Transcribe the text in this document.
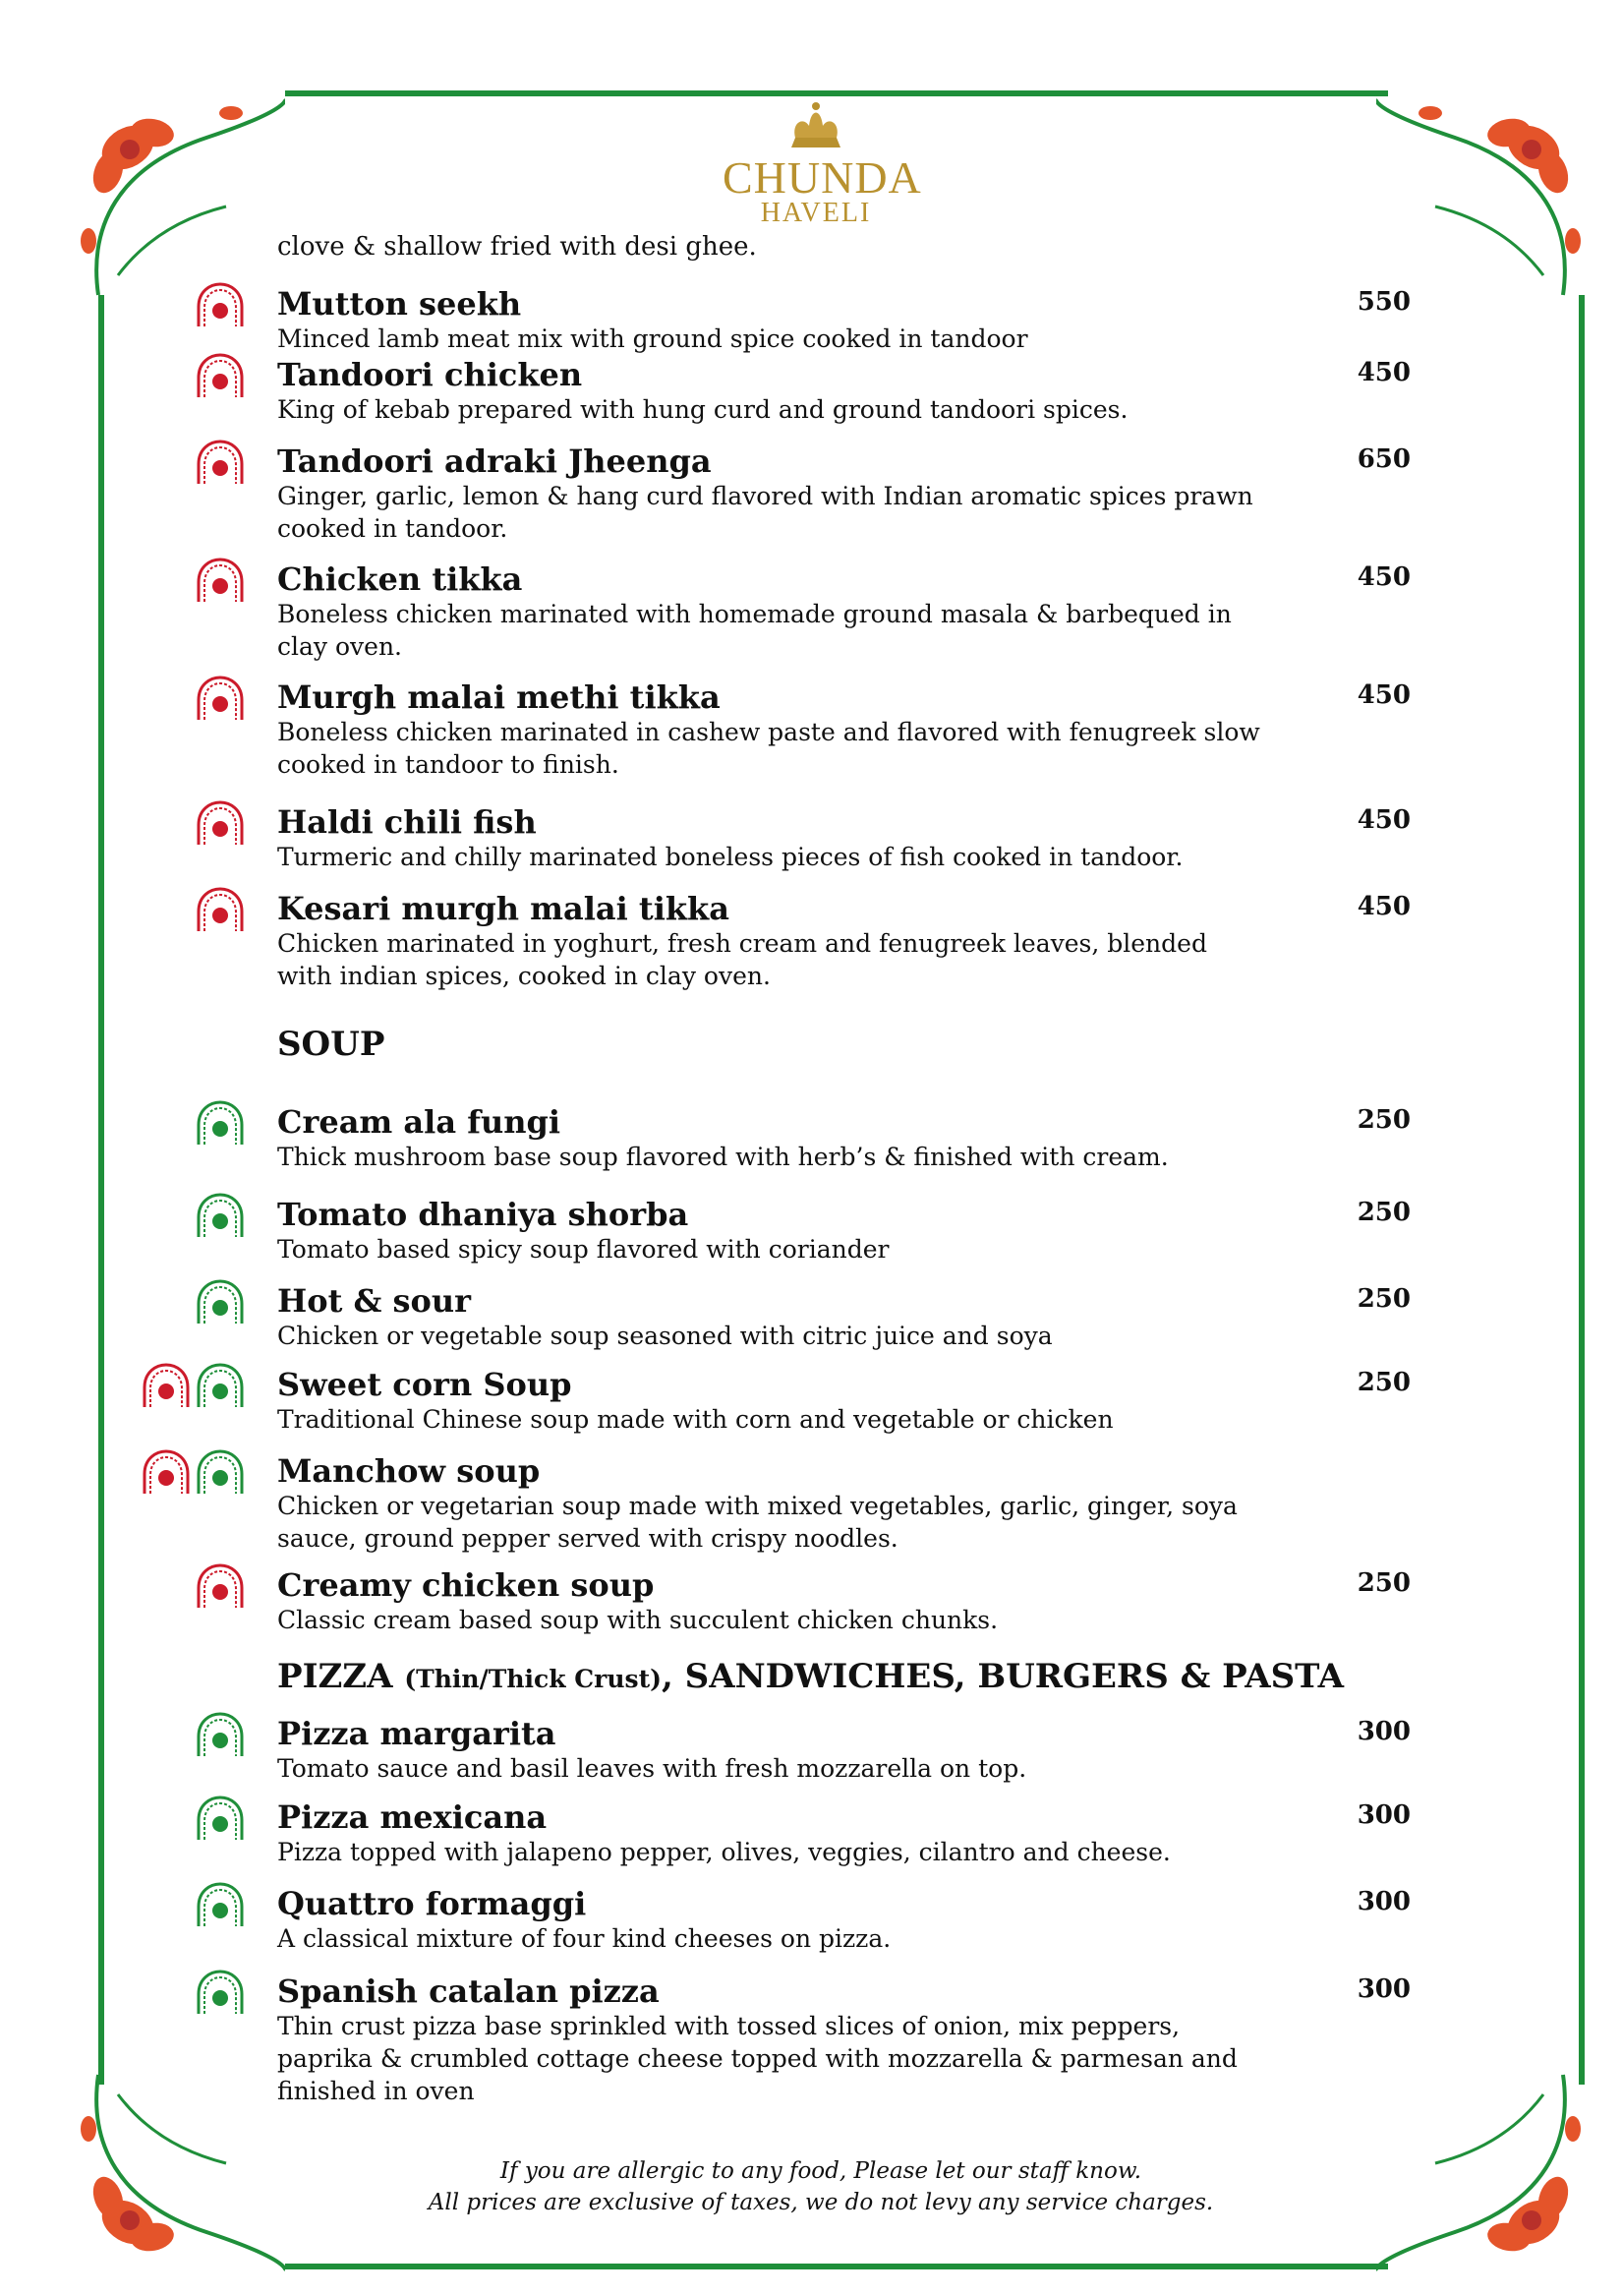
CHUNDA
HAVELI
clove & shallow fried with desi ghee.
Mutton seekh
Minced lamb meat mix with ground spice cooked in tandoor
550
Tandoori chicken
King of kebab prepared with hung curd and ground tandoori spices.
450
Tandoori adraki Jheenga
Ginger, garlic, lemon & hang curd flavored with Indian aromatic spices prawn cooked in tandoor.
650
Chicken tikka
Boneless chicken marinated with homemade ground masala & barbequed in clay oven.
450
Murgh malai methi tikka
Boneless chicken marinated in cashew paste and flavored with fenugreek slow cooked in tandoor to finish.
450
Haldi chili fish
Turmeric and chilly marinated boneless pieces of fish cooked in tandoor.
450
Kesari murgh malai tikka
Chicken marinated in yoghurt, fresh cream and fenugreek leaves, blended with indian spices, cooked in clay oven.
450
Cream ala fungi
Thick mushroom base soup flavored with herb’s & finished with cream.
250
Tomato dhaniya shorba
Tomato based spicy soup flavored with coriander
250
Hot & sour
Chicken or vegetable soup seasoned with citric juice and soya
250
Sweet corn Soup
Traditional Chinese soup made with corn and vegetable or chicken
250
Manchow soup
Chicken or vegetarian soup made with mixed vegetables, garlic, ginger, soya sauce, ground pepper served with crispy noodles.
Creamy chicken soup
Classic cream based soup with succulent chicken chunks.
250
Pizza margarita
Tomato sauce and basil leaves with fresh mozzarella on top.
300
Pizza mexicana
Pizza topped with jalapeno pepper, olives, veggies, cilantro and cheese.
300
Quattro formaggi
A classical mixture of four kind cheeses on pizza.
300
Spanish catalan pizza
Thin crust pizza base sprinkled with tossed slices of onion, mix peppers, paprika & crumbled cottage cheese topped with mozzarella & parmesan and finished in oven
300
SOUP
PIZZA (Thin/Thick Crust), SANDWICHES, BURGERS & PASTA
If you are allergic to any food, Please let our staff know.
All prices are exclusive of taxes, we do not levy any service charges.
